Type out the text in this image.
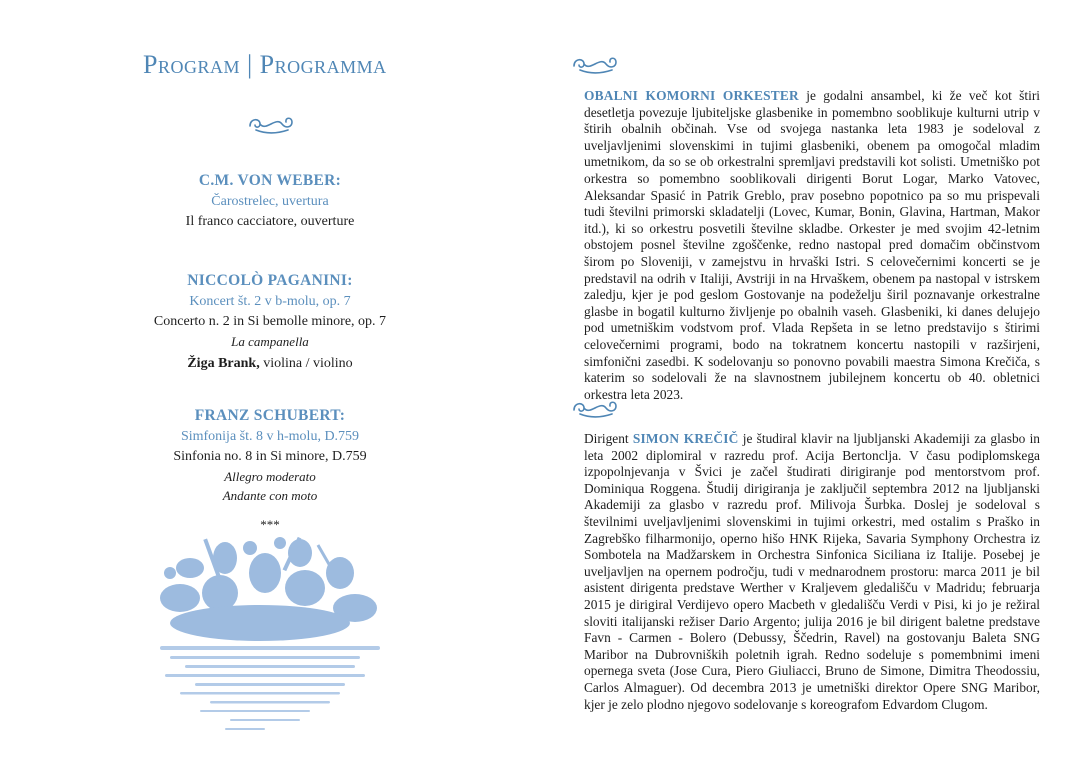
Program | Programma
C.M. VON WEBER:
Čarostrelec, uvertura
Il franco cacciatore, ouverture
NICCOLÒ PAGANINI:
Koncert št. 2 v b-molu, op. 7
Concerto n. 2 in Si bemolle minore, op. 7
La campanella
Žiga Brank, violina / violino
FRANZ SCHUBERT:
Simfonija št. 8 v h-molu, D.759
Sinfonia no. 8 in Si minore, D.759
Allegro moderato
Andante con moto
***
OBALNI KOMORNI ORKESTER je godalni ansambel, ki že več kot štiri desetletja povezuje ljubiteljske glasbenike in pomembno sooblikuje kulturni utrip v štirih obalnih občinah. Vse od svojega nastanka leta 1983 je sodeloval z uveljavljenimi slovenskimi in tujimi glasbeniki, obenem pa omogočal mladim umetnikom, da so se ob orkestralni spremljavi predstavili kot solisti. Umetniško pot orkestra so pomembno sooblikovali dirigenti Borut Logar, Marko Vatovec, Aleksandar Spasić in Patrik Greblo, prav posebno popotnico pa so mu prispevali tudi številni primorski skladatelji (Lovec, Kumar, Bonin, Glavina, Hartman, Makor itd.), ki so orkestru posvetili številne skladbe. Orkester je med svojim 42-letnim obstojem posnel številne zgoščenke, redno nastopal pred domačim občinstvom širom po Sloveniji, v zamejstvu in hrvaški Istri. S celovečernimi koncerti se je predstavil na odrih v Italiji, Avstriji in na Hrvaškem, obenem pa nastopal v istrskem zaledju, kjer je pod geslom Gostovanje na podeželju širil poznavanje orkestralne glasbe in bogatil kulturno življenje po obalnih vaseh. Glasbeniki, ki danes delujejo pod umetniškim vodstvom prof. Vlada Repšeta in se letno predstavijo s štirimi celovečernimi programi, bodo na tokratnem koncertu nastopili v razširjeni, simfonični zasedbi. K sodelovanju so ponovno povabili maestra Simona Krečiča, s katerim so sodelovali že na slavnostnem jubilejnem koncertu ob 40. obletnici orkestra leta 2023.
Dirigent SIMON KREČIČ je študiral klavir na ljubljanski Akademiji za glasbo in leta 2002 diplomiral v razredu prof. Acija Bertonclja. V času podiplomskega izpopolnjevanja v Švici je začel študirati dirigiranje pod mentorstvom prof. Dominiqua Roggena. Študij dirigiranja je zaključil septembra 2012 na ljubljanski Akademiji za glasbo v razredu prof. Milivoja Šurbka. Doslej je sodeloval s številnimi uveljavljenimi slovenskimi in tujimi orkestri, med ostalim s Praško in Zagrebško filharmonijo, operno hišo HNK Rijeka, Savaria Symphony Orchestra iz Sombotela na Madžarskem in Orchestra Sinfonica Siciliana iz Italije. Posebej je uveljavljen na opernem področju, tudi v mednarodnem prostoru: marca 2011 je bil asistent dirigenta predstave Werther v Kraljevem gledališču v Madridu; februarja 2015 je dirigiral Verdijevo opero Macbeth v gledališču Verdi v Pisi, ki jo je režiral sloviti italijanski režiser Dario Argento; julija 2016 je bil dirigent baletne predstave Favn - Carmen - Bolero (Debussy, Ščedrin, Ravel) na gostovanju Baleta SNG Maribor na Dubrovniških poletnih igrah. Redno sodeluje s pomembnimi imeni opernega sveta (Jose Cura, Piero Giuliacci, Bruno de Simone, Dimitra Theodossiu, Carlos Almaguer). Od decembra 2013 je umetniški direktor Opere SNG Maribor, kjer je zelo plodno njegovo sodelovanje s koreografom Edvardom Clugom.
